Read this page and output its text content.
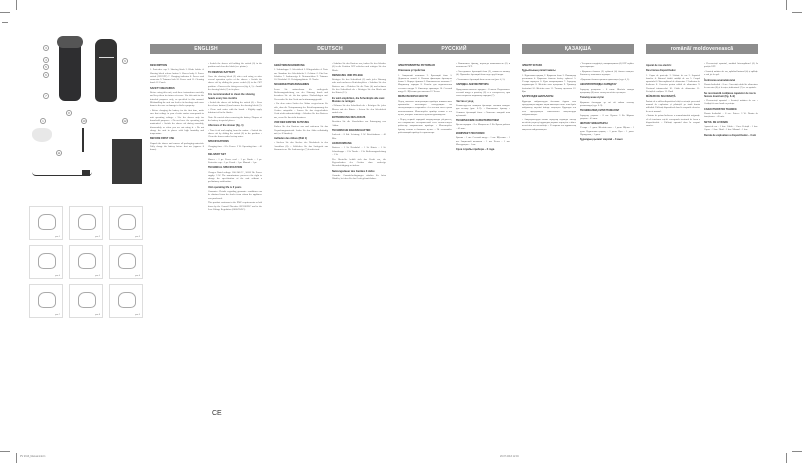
3
4
5
6
7
8
1	10
9
11
12
рис.1	рис.2	рис.3
рис.4	рис.5	рис.6
рис.7	рис.8	рис.9
ENGLISH
DESCRIPTION

1. Protective cap 2. Shaving block 3. Blade holder 4. Shaving block release button 5. Shaver body 6. Power switch (ON/OFF) 7. Charging indicator 8. Power cord connector 9. Trimmer lock 10. Power cord 11. Cleaning brush 12. Pouch

SAFETY MEASURES

Before using this unit, read these instructions carefully and keep them for future reference. Use this unit for the intended purposes only, as specified in this manual. Mishandling the unit can lead to its breakage and cause harm to the user or damage to his/her property.

• Before charging the battery for the first time, make sure that voltage in your electric mains corresponds to unit operating voltage. • Use the shaver only for household purposes. • Do not leave the operating unit unattended. • Switch the shaver off during assembly, disassembly or when you are not using it. • Do not charge the unit in places with high humidity and temperature.

BEFORE FIRST USE

Unpack the shaver and remove all packaging materials. Fully charge the battery before first use (approx. 8 hours).

• Switch the shaver off holding the switch (6) in the position and clean the block (see picture).

TO REMOVE BATTERY

Once the shaving block (2) after each using or after several operation cycles of the shaver: • Switch the shaver off by sliding the power switch (6) to the OFF position. • Unscrew the fixing screws (fig. 4, 5). • Install the shaving block (2) to its place.

It is recommended to clean the shaving heads every two months

• Switch the shaver off holding the switch (6). • Press the release button (4) and remove the shaving block (2). • Clean each cutter with the brush. • Slightly apply lubricant oil to the blades.

Note: Be careful when removing the battery. Dispose of the battery in special places.

Aftercare of the shaver (fig. 1)

• Turn it off and unplug from the mains. • Switch the shaver off by sliding the switch (6) to the position. • Clean the shaver under hot tap water.

SPECIFICATIONS

Charging time – 8 h. Power: 3 W. Operating time – 45 min.

DELIVERY SET

Shaver – 1 pc. Power cord – 1 pc. Brush – 1 pc. Protective cap – 1 pc. Pouch – 1 pc. Manual – 1 pc.

TECHNICAL SPECIFICATION

Charger: Rated voltage: 100–240 V~, 50/60 Hz. Power supply: 3 W. The manufacturer preserves the right to change the specification of the unit without a preliminary notification.

Unit operating life is 3 years

Guarantee. Details regarding guarantee conditions can be obtained from the dealer from whom the appliance was purchased.

This product conforms to the EMC requirements as laid down by the Council Directive 89/336/EEC and to the Low Voltage Regulation (2006/95/EC).

DEUTSCH
GERÄTEBESCHREIBUNG

1. Schutzkappe 2. Scherblock 3. Klingenhalter 4. Taste zur Abnahme des Scherblocks 5. Gehäuse 6. Ein/Aus-Schalter 7. Ladeanzeige 8. Netzanschluss 9. Trimmer 10. Netzkabel 11. Reinigungsbürste 12. Tasche

SICHERHEITSMASSNAHMEN

Lesen Sie aufmerksam die vorliegende Bedienungsanleitung vor der Nutzung durch und bewahren Sie sie für das spätere Nachschlagen auf. Verwenden Sie das Gerät nur bestimmungsgemäß.

• Vor dem ersten Laden des Akkus vergewissern Sie sich, dass die Netzspannung der Betriebsspannung des Gerätes entspricht. • Lassen Sie das eingeschaltete Gerät nicht unbeaufsichtigt. • Schalten Sie den Rasierer aus, wenn Sie ihn nicht benutzen.

VOR DER ERSTEN NUTZUNG

Packen Sie den Rasierer aus und entfernen Sie das Verpackungsmaterial. Laden Sie den Akku vollständig auf (ca. 8 Stunden).

Aufladen des Akkus (Bild 1)

• Stecken Sie den Stecker des Netzkabels in den Anschluss (8). • Schließen Sie das Ladegerät ans Stromnetz an. Die Ladeanzeige (7) leuchtet auf.

• Schalten Sie den Rasierer aus, indem Sie den Schalter (6) in die Position OFF schieben und reinigen Sie den Block.

REINIGUNG UND PFLEGE

Reinigen Sie den Scherblock (2) nach jeder Nutzung oder nach mehreren Betriebszyklen: • Schalten Sie den Rasierer aus. • Drücken Sie die Taste (4) und nehmen Sie den Scherblock ab. • Reinigen Sie den Block mit der Bürste (11).

Es wird empfohlen, die Scherköpfe alle zwei Monate zu reinigen

• Nehmen Sie den Scherblock ab. • Reinigen Sie jedes Messer mit der Bürste. • Setzen Sie den Scherblock zurück ein.

ENTSORGUNG DES AKKUS

Beachten Sie die Vorschriften zur Entsorgung von Akkus.

TECHNISCHE EIGENSCHAFTEN

Ladezeit – 8 Std. Leistung: 3 W. Betriebsdauer – 45 Min.

LIEFERUMFANG

Rasierer – 1 St. Netzkabel – 1 St. Bürste – 1 St. Schutzkappe – 1 St. Tasche – 1 St. Bedienungsanleitung – 1 St.

Der Hersteller behält sich das Recht vor, die Eigenschaften des Gerätes ohne vorherige Benachrichtigung zu ändern.

Nutzungsdauer des Gerätes 3 Jahre

Garantie. Garantiebedingungen erhalten Sie beim Händler, bei dem Sie das Gerät gekauft haben.

РУССКИЙ
ЭЛЕКТРОБРИТВА РОТОРНАЯ
Описание устройства

1. Защитный колпачок 2. Бреющий блок 3. Держатель ножей 4. Кнопка фиксации бреющего блока 5. Корпус бритвы 6. Выключатель питания 7. Индикатор зарядки 8. Разъём для подключения сетевого шнура 9. Фиксатор триммера 10. Сетевой шнур 11. Щёточка для очистки 12. Чехол

МЕРЫ БЕЗОПАСНОСТИ

Перед началом эксплуатации прибора внимательно прочитайте настоящую инструкцию по эксплуатации и сохраняйте её в течение всего срока использования. Используйте прибор только в тех целях, которые описаны в данном руководстве.

• Перед первой зарядкой аккумулятора убедитесь, что напряжение электрической сети соответствует рабочему напряжению прибора. • Используйте бритву только в бытовых целях. • Не оставляйте работающий прибор без присмотра.

• Выключите бритву, переведя выключатель (6) в положение OFF.

• Отсоедините бреющий блок (2), нажав на кнопку (4). Промойте бреющий блок под струёй воды.

• Установите бреющий блок на место (рис. 4, 5).

ЗАРЯДКА АККУМУЛЯТОРА

Продолжительность зарядки – 8 часов. Подключите сетевой шнур к разъёму (8) и к электросети, при этом загорится индикатор зарядки (7).

Чистка и уход

Рекомендуется очищать бреющие головки каждые два месяца (рис. 6–9). • Выключите бритву. • Снимите бреющий блок. • Очистите каждый нож щёточкой.

ТЕХНИЧЕСКИЕ ХАРАКТЕРИСТИКИ

Время зарядки – 8 ч. Мощность: 3 Вт. Время работы – 45 мин.

КОМПЛЕКТ ПОСТАВКИ

Бритва – 1 шт. Сетевой шнур – 1 шт. Щёточка – 1 шт. Защитный колпачок – 1 шт. Чехол – 1 шт. Инструкция – 1 шт.

Срок службы прибора – 3 года
ҚАЗАҚША
ЭЛЕКТР ҰСТАРА
Құрылғының сипаттамасы

1. Қорғаныш қақпақ 2. Қыратын блок 3. Пышақтар ұстағышы 4. Қыратын блокты бекіту түймесі 5. Ұстара корпусы 6. Қуат ажыратқышы 7. Зарядтау индикаторы 8. Желілік сым қосқышы 9. Триммер бекіткіші 10. Желілік сым 11. Тазалау щеткасы 12. Қап

ҚАУІПСІЗДІК ШАРАЛАРЫ

Құралды пайдалануды бастамас бұрын осы нұсқаулықты мұқият оқып шығыңыз және оны бүкіл пайдалану мерзімі ішінде сақтаңыз. Құралды тек осы нұсқаулықта сипатталған мақсаттарда пайдаланыңыз.

• Аккумуляторды алғаш зарядтар алдында электр желісінің кернеуі құралдың жұмыс кернеуіне сәйкес келетініне көз жеткізіңіз. • Ұстараны тек тұрмыстық мақсатта пайдаланыңыз.

• Ұстараны сөндіріңіз, ажыратқышты (6) OFF күйіне ауыстырыңыз.

• Қыратын блокты (2) түймені (4) басып алыңыз. Блокты су ағынымен жуыңыз.

• Қыратын блокты орнына орнатыңыз (сур. 4, 5).

АККУМУЛЯТОРДЫ ЗАРЯДТАУ

Зарядтау ұзақтығы – 8 сағат. Желілік сымды қосқышқа (8) және электр желісіне қосыңыз.

Тазалау және күтім

Қыратын бастарды әр екі ай сайын тазалау ұсынылады (сур. 6–9).

ТЕХНИКАЛЫҚ СИПАТТАМАЛАР

Зарядтау уақыты – 8 сағ. Қуаты: 3 Вт. Жұмыс уақыты – 45 мин.

ЖЕТКІЗУ ЖИЫНТЫҒЫ

Ұстара – 1 дана. Желілік сым – 1 дана. Щетка – 1 дана. Қорғаныш қақпақ – 1 дана. Қап – 1 дана. Нұсқаулық – 1 дана.

Құралдың қызмет мерзімі – 3 жыл
română/ moldovenească
Aparat de ras electric
Descrierea dispozitivului

1. Capac de protecție 2. Unitate de ras 3. Suportul lamelor 4. Butonul fixării unității de ras 5. Corpul aparatului 6. Întrerupătorul de alimentare 7. Indicator de încărcare 8. Conector pentru cablul de alimentare 9. Fixatorul trimmerului 10. Cablu de alimentare 11. Periuță de curățare 12. Husă

MĂSURI DE SIGURANȚĂ

Înainte de a utiliza dispozitivul citiți cu atenție prezentul manual de exploatare și păstrați-l pe toată durata utilizării. Utilizați dispozitivul doar în scopurile descrise în acest manual.

• Înainte de prima încărcare a acumulatorului asigurați-vă că tensiunea rețelei corespunde tensiunii de lucru a dispozitivului. • Utilizați aparatul doar în scopuri casnice.

• Deconectați aparatul, mutând întrerupătorul (6) în poziția OFF.

• Scoateți unitatea de ras, apăsând butonul (4) și spălați-o sub jet de apă.

Încărcarea acumulatorului

Durata încărcării – 8 ore. Conectați cablul de alimentare la conector (8) și la rețea; indicatorul (7) se va aprinde.

Se recomandă curățarea capetelor de ras la fiecare două luni (fig. 6–9)

• Deconectați aparatul. • Scoateți unitatea de ras. • Curățați fiecare lamă cu periuța.

CARACTERISTICI TEHNICE

Durata încărcării – 8 ore. Putere: 3 W. Durata de funcționare – 45 min.

SETUL DE LIVRARE

Aparat de ras – 1 buc. Cablu – 1 buc. Periuță – 1 buc. Capac – 1 buc. Husă – 1 buc. Manual – 1 buc.

Durata de exploatare a dispozitivului – 3 ani
PV 2313_Manual.indd 1	26.07.2013 12:04
CE
